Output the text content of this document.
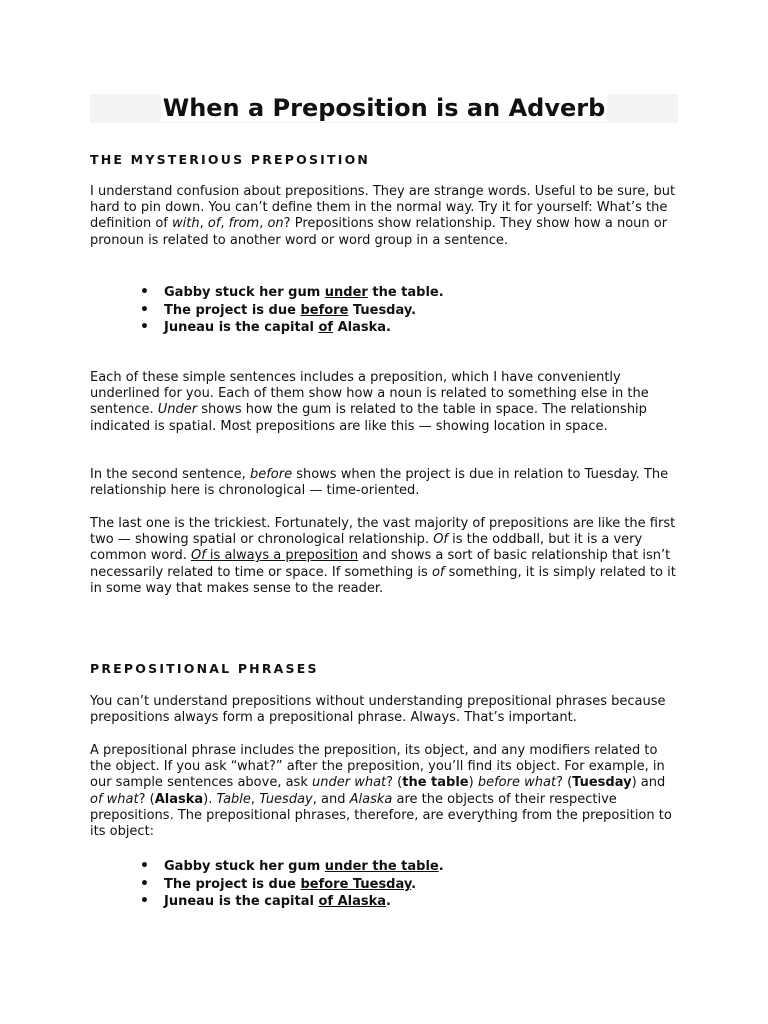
When a Preposition is an Adverb
THE MYSTERIOUS PREPOSITION

I understand confusion about prepositions. They are strange words. Useful to be sure, but hard to pin down. You can’t define them in the normal way. Try it for yourself: What’s the definition of with, of, from, on? Prepositions show relationship. They show how a noun or pronoun is related to another word or word group in a sentence.

• Gabby stuck her gum under the table.
• The project is due before Tuesday.
• Juneau is the capital of Alaska.

Each of these simple sentences includes a preposition, which I have conveniently underlined for you. Each of them show how a noun is related to something else in the sentence. Under shows how the gum is related to the table in space. The relationship indicated is spatial. Most prepositions are like this — showing location in space.

In the second sentence, before shows when the project is due in relation to Tuesday. The relationship here is chronological — time-oriented.

The last one is the trickiest. Fortunately, the vast majority of prepositions are like the first two — showing spatial or chronological relationship. Of is the oddball, but it is a very common word. Of is always a preposition and shows a sort of basic relationship that isn’t necessarily related to time or space. If something is of something, it is simply related to it in some way that makes sense to the reader.

PREPOSITIONAL PHRASES

You can’t understand prepositions without understanding prepositional phrases because prepositions always form a prepositional phrase. Always. That’s important.

A prepositional phrase includes the preposition, its object, and any modifiers related to the object. If you ask “what?” after the preposition, you’ll find its object. For example, in our sample sentences above, ask under what? (the table) before what? (Tuesday) and of what? (Alaska). Table, Tuesday, and Alaska are the objects of their respective prepositions. The prepositional phrases, therefore, are everything from the preposition to its object:

• Gabby stuck her gum under the table.
• The project is due before Tuesday.
• Juneau is the capital of Alaska.
